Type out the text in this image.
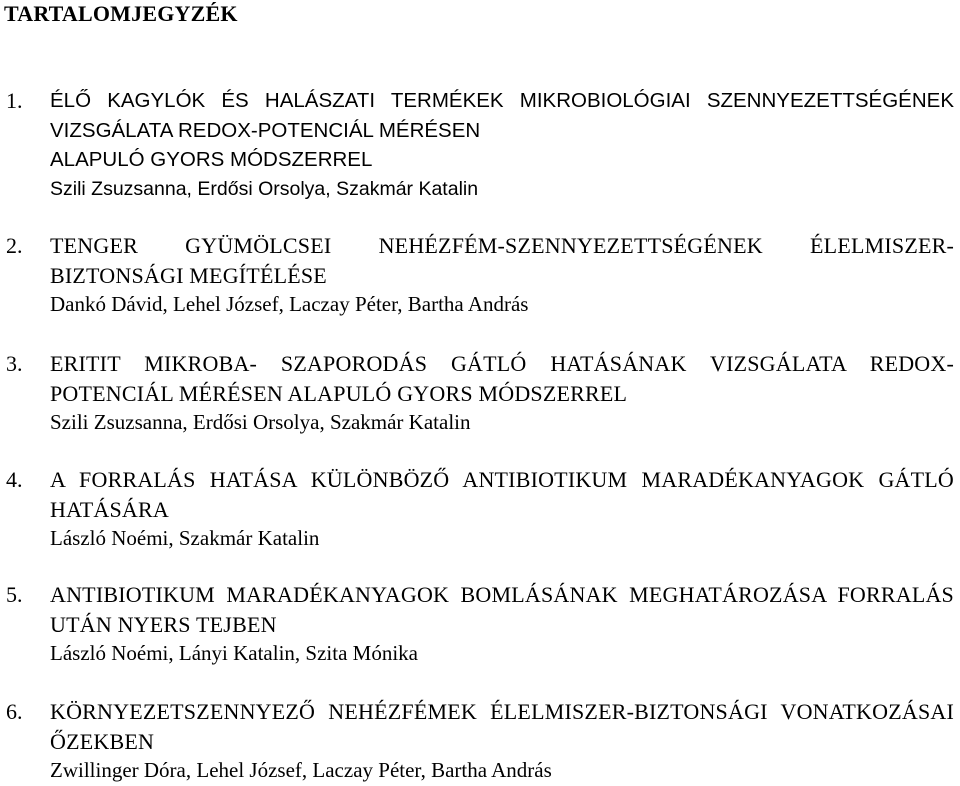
TARTALOMJEGYZÉK
1. ÉLŐ KAGYLÓK ÉS HALÁSZATI TERMÉKEK MIKROBIOLÓGIAI SZENNYEZETTSÉGÉNEK VIZSGÁLATA REDOX-POTENCIÁL MÉRÉSEN
ALAPULÓ GYORS MÓDSZERREL
Szili Zsuzsanna, Erdősi Orsolya, Szakmár Katalin
2. TENGER GYÜMÖLCSEI NEHÉZFÉM-SZENNYEZETTSÉGÉNEK ÉLELMISZER-BIZTONSÁGI MEGÍTÉLÉSE
Dankó Dávid, Lehel József, Laczay Péter, Bartha András
3. ERITIT MIKROBA- SZAPORODÁS GÁTLÓ HATÁSÁNAK VIZSGÁLATA REDOX-POTENCIÁL MÉRÉSEN ALAPULÓ GYORS MÓDSZERREL
Szili Zsuzsanna, Erdősi Orsolya, Szakmár Katalin
4. A FORRALÁS HATÁSA KÜLÖNBÖZŐ ANTIBIOTIKUM MARADÉKANYAGOK GÁTLÓ HATÁSÁRA
László Noémi, Szakmár Katalin
5. ANTIBIOTIKUM MARADÉKANYAGOK BOMLÁSÁNAK MEGHATÁROZÁSA FORRALÁS UTÁN NYERS TEJBEN
László Noémi, Lányi Katalin, Szita Mónika
6. KÖRNYEZETSZENNYEZŐ NEHÉZFÉMEK ÉLELMISZER-BIZTONSÁGI VONATKOZÁSAI ŐZEKBEN
Zwillinger Dóra, Lehel József, Laczay Péter, Bartha András
